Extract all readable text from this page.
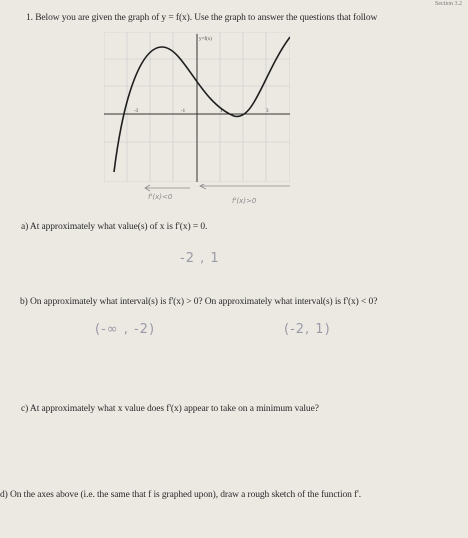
Section 3.2
1. Below you are given the graph of y = f(x). Use the graph to answer the questions that follow
-3	-1	1	3
y=f(x)
f'(x)<0	f'(x)>0
a) At approximately what value(s) of x is f'(x) = 0.
-2 , 1
b) On approximately what interval(s) is f'(x) > 0? On approximately what interval(s) is f'(x) < 0?
(-∞ , -2)	(-2, 1)
c) At approximately what x value does f'(x) appear to take on a minimum value?
d) On the axes above (i.e. the same that f is graphed upon), draw a rough sketch of the function f'.
